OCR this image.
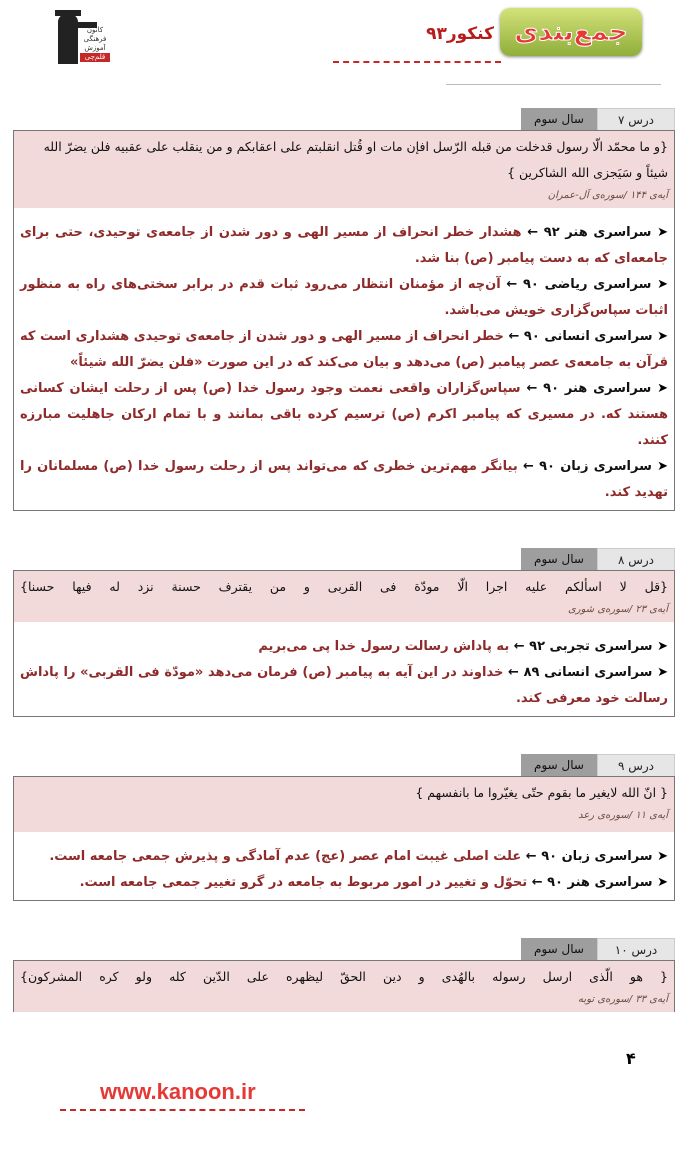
کانون
فرهنگی
آموزش
قلم‌چی
جمع‌بندی
کنکور۹۳
درس ۷
سال سوم
{و ما محمّد الّا رسول قدخلت من قبله الرّسل افإن مات او قُتل انقلبتم علی اعقابکم و من ینقلب علی عقبیه فلن یضرّ الله شیئاً و سَیَجزی الله الشاکرین }
آیه‌ی ۱۴۴ /سوره‌ی آل-عمران
➤ سراسری هنر ۹۲ ← هشدار خطر انحراف از مسیر الهی و دور شدن از جامعه‌ی توحیدی، حتی برای جامعه‌ای که به دست پیامبر (ص) بنا شد.
➤ سراسری ریاضی ۹۰ ← آن‌چه از مؤمنان انتظار می‌رود ثبات قدم در برابر سختی‌های راه به منظور اثبات سپاس‌گزاری خویش می‌باشد.
➤ سراسری انسانی ۹۰ ← خطر انحراف از مسیر الهی و دور شدن از جامعه‌ی توحیدی هشداری است که قرآن به جامعه‌ی عصر پیامبر (ص) می‌دهد و بیان می‌کند که در این صورت «فلن یضرّ الله شیئاً»
➤ سراسری هنر ۹۰ ← سپاس‌گزاران واقعی نعمت وجود رسول خدا (ص) پس از رحلت ایشان کسانی هستند که. در مسیری که پیامبر اکرم (ص) ترسیم کرده باقی بمانند و با تمام ارکان جاهلیت مبارزه کنند.
➤ سراسری زبان ۹۰ ← بیانگر مهم‌ترین خطری که می‌تواند پس از رحلت رسول خدا (ص) مسلمانان را تهدید کند.
درس ۸
سال سوم
{قل لا اسألکم علیه اجرا الّا مودّة فی القربی و من یقترف حسنة نزد له فیها حسنا}
آیه‌ی ۲۳ /سوره‌ی شوری
➤ سراسری تجربی ۹۲ ← به پاداش رسالت رسول خدا پی می‌بریم
➤ سراسری انسانی ۸۹ ← خداوند در این آیه به پیامبر (ص) فرمان می‌دهد «مودّة فی القربی» را پاداش رسالت خود معرفی کند.
درس ۹
سال سوم
{ انّ الله لایغیر ما بقوم حتّی یغیّروا ما بانفسهم }
آیه‌ی ۱۱ /سوره‌ی رعد
➤ سراسری زبان ۹۰ ← علت اصلی غیبت امام عصر (عج) عدم آمادگی و پذیرش جمعی جامعه است.
➤ سراسری هنر ۹۰ ← تحوّل و تغییر در امور مربوط به جامعه در گرو تغییر جمعی جامعه است.
درس ۱۰
سال سوم
{ هو الّذی ارسل رسوله بالهُدی و دین الحقّ لیظهره علی الدّین کله ولو کره المشرکون}
آیه‌ی ۳۳ /سوره‌ی توبه
۴
www.kanoon.ir
